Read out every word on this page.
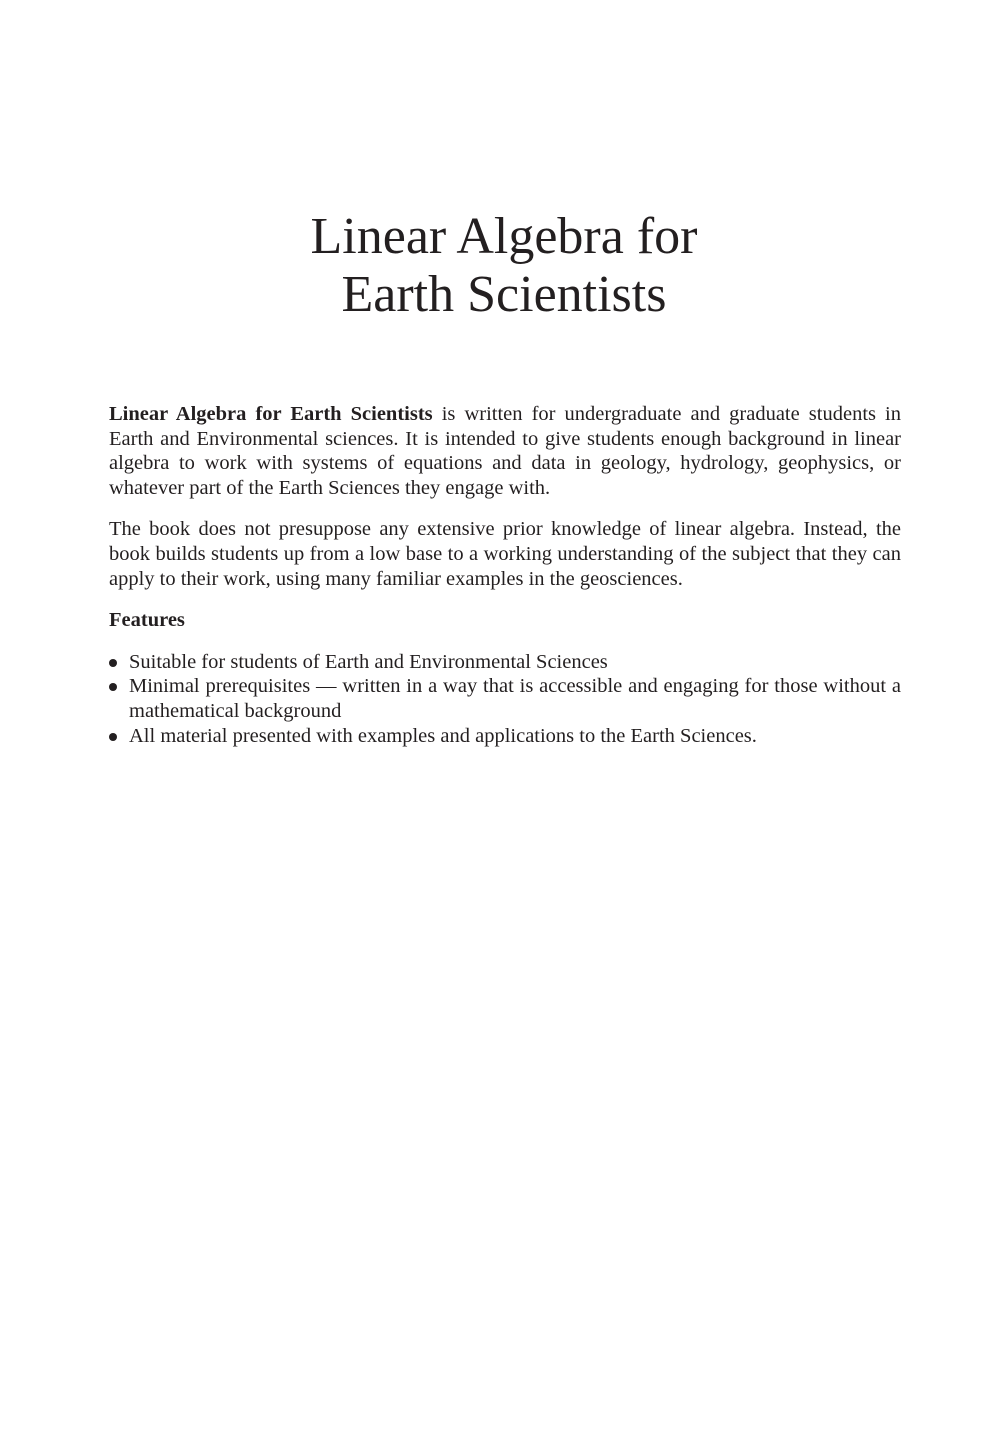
Linear Algebra for
Earth Scientists

Linear Algebra for Earth Scientists is written for undergraduate and graduate students in Earth and Environmental sciences. It is intended to give students enough background in linear algebra to work with systems of equations and data in geology, hydrology, geophysics, or whatever part of the Earth Sciences they engage with.

The book does not presuppose any extensive prior knowledge of linear algebra. Instead, the book builds students up from a low base to a working understanding of the subject that they can apply to their work, using many familiar examples in the geosciences.

Features

Suitable for students of Earth and Environmental Sciences
Minimal prerequisites — written in a way that is accessible and engaging for those without a mathematical background
All material presented with examples and applications to the Earth Sciences.
